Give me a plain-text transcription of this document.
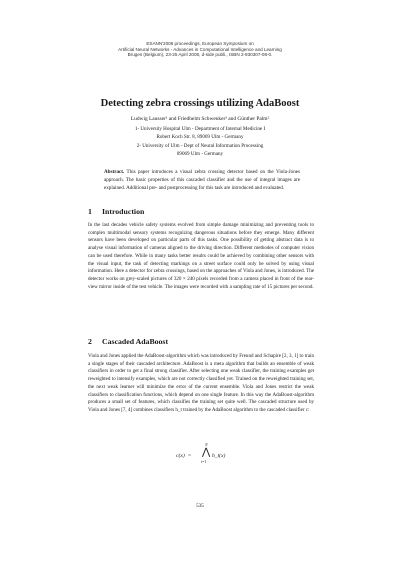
ESANN'2008 proceedings, European Symposium on
Artificial Neural Networks - Advances in Computational Intelligence and Learning
Bruges (Belgium), 23-25 April 2008, d-side publi., ISBN 2-930307-08-0.
Detecting zebra crossings utilizing AdaBoost
Ludwig Lausser¹ and Friedhelm Schwenker² and Günther Palm²
1- University Hospital Ulm - Department of Internal Medicine I
Robert Koch Str. 8, 89069 Ulm - Germany
2- University of Ulm - Dept of Neural Information Processing
89069 Ulm - Germany
Abstract. This paper introduces a visual zebra crossing detector based on the Viola-Jones approach. The basic properties of this cascaded classifier and the use of integral images are explained. Additional pre- and postprocessing for this task are introduced and evaluated.
1 Introduction

In the last decades vehicle safety systems evolved from simple damage minimizing and preventing tools to complex multimodal sensory systems recognizing dangerous situations before they emerge. Many different sensors have been developed on particular parts of this tasks. One possibility of getting abstract data is to analyse visual information of cameras aligned to the driving direction. Different methodes of computer vision can be used therefore. While in many tasks better results could be achieved by combining other sensors with the visual input, the task of detecting markings on a street surface could only be solved by using visual information. Here a detector for zebra crossings, based on the approaches of Viola and Jones, is introduced. The detector works on grey-scaled pictures of 320 × 240 pixels recorded from a camera placed in front of the rear-view mirror inside of the test vehicle. The images were recorded with a sampling rate of 15 pictures per second.

2 Cascaded AdaBoost

Viola and Jones applied the AdaBoost-algorithm which was introduced by Freund and Schapire [2, 3, 1] to train a single stages of their cascaded architecture. AdaBoost is a meta algorithm that builds an ensemble of weak classifiers in order to get a final strong classifier. After selecting one weak classifier, the training examples get reweighted to intensify examples, which are not correctly classified yet. Trained on the reweighted training set, the next weak learner will minimize the error of the current ensemble. Viola and Jones restrict the weak classifiers to classification functions, which depend on one single feature. In this way the AdaBoost-algorithm produces a small set of features, which classifies the training set quite well. The cascaded structure used by Viola and Jones [7, 4] combines classifiers h_t trained by the AdaBoost algorithm to the cascaded classifier c:

c(x) =
N
⋀
t=1
h_t(x)
535
